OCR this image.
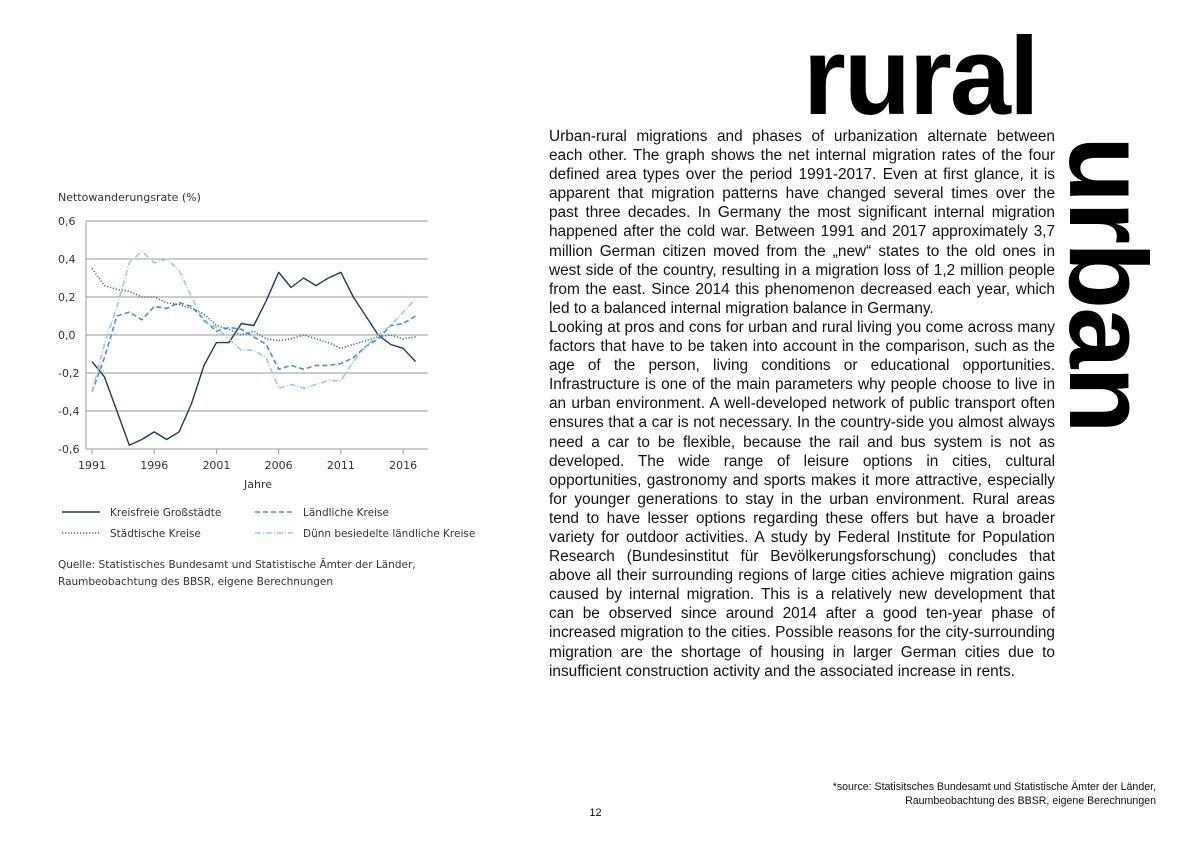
rural
urban
Nettowanderungsrate (%)
0,6
0,4
0,2
0,0
-0,2
-0,4
-0,6
1991	1996	2001	2006	2011	2016
Jahre
Kreisfreie Großstädte	Ländliche Kreise
Städtische Kreise	Dünn besiedelte ländliche Kreise
Quelle: Statistisches Bundesamt und Statistische Ämter der Länder,
Raumbeobachtung des BBSR, eigene Berechnungen

Urban-rural migrations and phases of urbanization alternate between each other. The graph shows the net internal migration rates of the four defined area types over the period 1991-2017. Even at first glance, it is apparent that migration patterns have changed several times over the past three decades. In Germany the most significant internal migration happened after the cold war. Between 1991 and 2017 approximately 3,7 million German citizen moved from the „new“ states to the old ones in west side of the country, resulting in a migration loss of 1,2 million people from the east. Since 2014 this phenomenon decreased each year, which led to a balanced internal migration balance in Germany.

Looking at pros and cons for urban and rural living you come across many factors that have to be taken into account in the comparison, such as the age of the person, living conditions or educational opportunities. Infrastructure is one of the main parameters why people choose to live in an urban environment. A well-developed network of public transport often ensures that a car is not necessary. In the country-side you almost always need a car to be flexible, because the rail and bus system is not as developed. The wide range of leisure options in cities, cultural opportunities, gastronomy and sports makes it more attractive, especially for younger generations to stay in the urban environment. Rural areas tend to have lesser options regarding these offers but have a broader variety for outdoor activities. A study by Federal Institute for Population Research (Bundesinstitut für Bevölkerungsforschung) concludes that above all their surrounding regions of large cities achieve migration gains caused by internal migration. This is a relatively new development that can be observed since around 2014 after a good ten-year phase of increased migration to the cities. Possible reasons for the city-surrounding migration are the shortage of housing in larger German cities due to insufficient construction activity and the associated increase in rents.

*source: Statisitsches Bundesamt und Statistische Ämter der Länder,
Raumbeobachtung des BBSR, eigene Berechnungen
12
